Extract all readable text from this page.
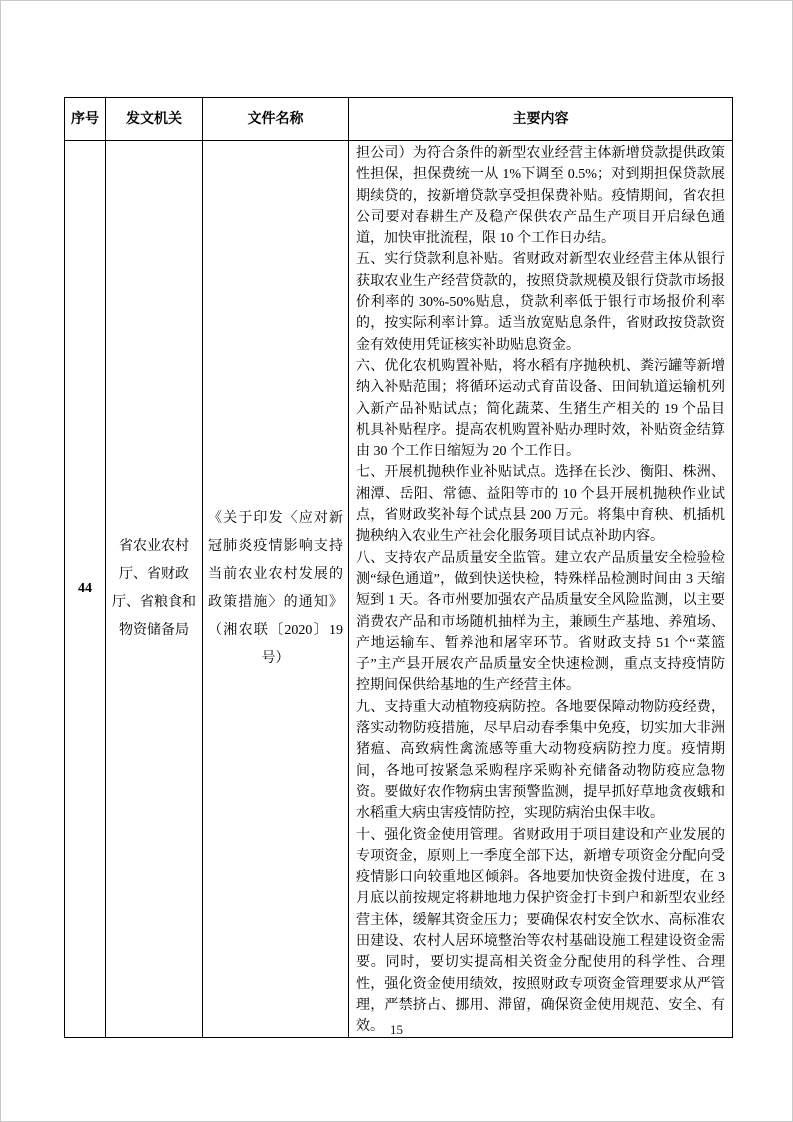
序号	发文机关	文件名称	主要内容
44	省农业农村厅、省财政厅、省粮食和物资储备局	《关于印发〈应对新冠肺炎疫情影响支持当前农业农村发展的政策措施〉的通知》（湘农联〔2020〕19 号）	

担公司）为符合条件的新型农业经营主体新增贷款提供政策性担保，担保费统一从 1%下调至 0.5%；对到期担保贷款展期续贷的，按新增贷款享受担保费补贴。疫情期间，省农担公司要对春耕生产及稳产保供农产品生产项目开启绿色通道，加快审批流程，限 10 个工作日办结。

五、实行贷款利息补贴。省财政对新型农业经营主体从银行获取农业生产经营贷款的，按照贷款规模及银行贷款市场报价利率的 30%-50%贴息，贷款利率低于银行市场报价利率的，按实际利率计算。适当放宽贴息条件，省财政按贷款资金有效使用凭证核实补助贴息资金。

六、优化农机购置补贴，将水稻有序抛秧机、粪污罐等新增纳入补贴范围；将循环运动式育苗设备、田间轨道运输机列入新产品补贴试点；简化蔬菜、生猪生产相关的 19 个品目机具补贴程序。提高农机购置补贴办理时效，补贴资金结算由 30 个工作日缩短为 20 个工作日。

七、开展机抛秧作业补贴试点。选择在长沙、衡阳、株洲、湘潭、岳阳、常德、益阳等市的 10 个县开展机抛秧作业试点，省财政奖补每个试点县 200 万元。将集中育秧、机插机抛秧纳入农业生产社会化服务项目试点补助内容。

八、支持农产品质量安全监管。建立农产品质量安全检验检测“绿色通道”，做到快送快检，特殊样品检测时间由 3 天缩短到 1 天。各市州要加强农产品质量安全风险监测，以主要消费农产品和市场随机抽样为主，兼顾生产基地、养殖场、产地运输车、暂养池和屠宰环节。省财政支持 51 个“菜篮子”主产县开展农产品质量安全快速检测，重点支持疫情防控期间保供给基地的生产经营主体。

九、支持重大动植物疫病防控。各地要保障动物防疫经费，落实动物防疫措施，尽早启动春季集中免疫，切实加大非洲猪瘟、高致病性禽流感等重大动物疫病防控力度。疫情期间，各地可按紧急采购程序采购补充储备动物防疫应急物资。要做好农作物病虫害预警监测，提早抓好草地贪夜蛾和水稻重大病虫害疫情防控，实现防病治虫保丰收。

十、强化资金使用管理。省财政用于项目建设和产业发展的专项资金，原则上一季度全部下达，新增专项资金分配向受疫情影口向较重地区倾斜。各地要加快资金拨付进度，在 3 月底以前按规定将耕地地力保护资金打卡到户和新型农业经营主体，缓解其资金压力；要确保农村安全饮水、高标准农田建设、农村人居环境整治等农村基础设施工程建设资金需要。同时，要切实提高相关资金分配使用的科学性、合理性，强化资金使用绩效，按照财政专项资金管理要求从严管理，严禁挤占、挪用、滞留，确保资金使用规范、安全、有效。 15
